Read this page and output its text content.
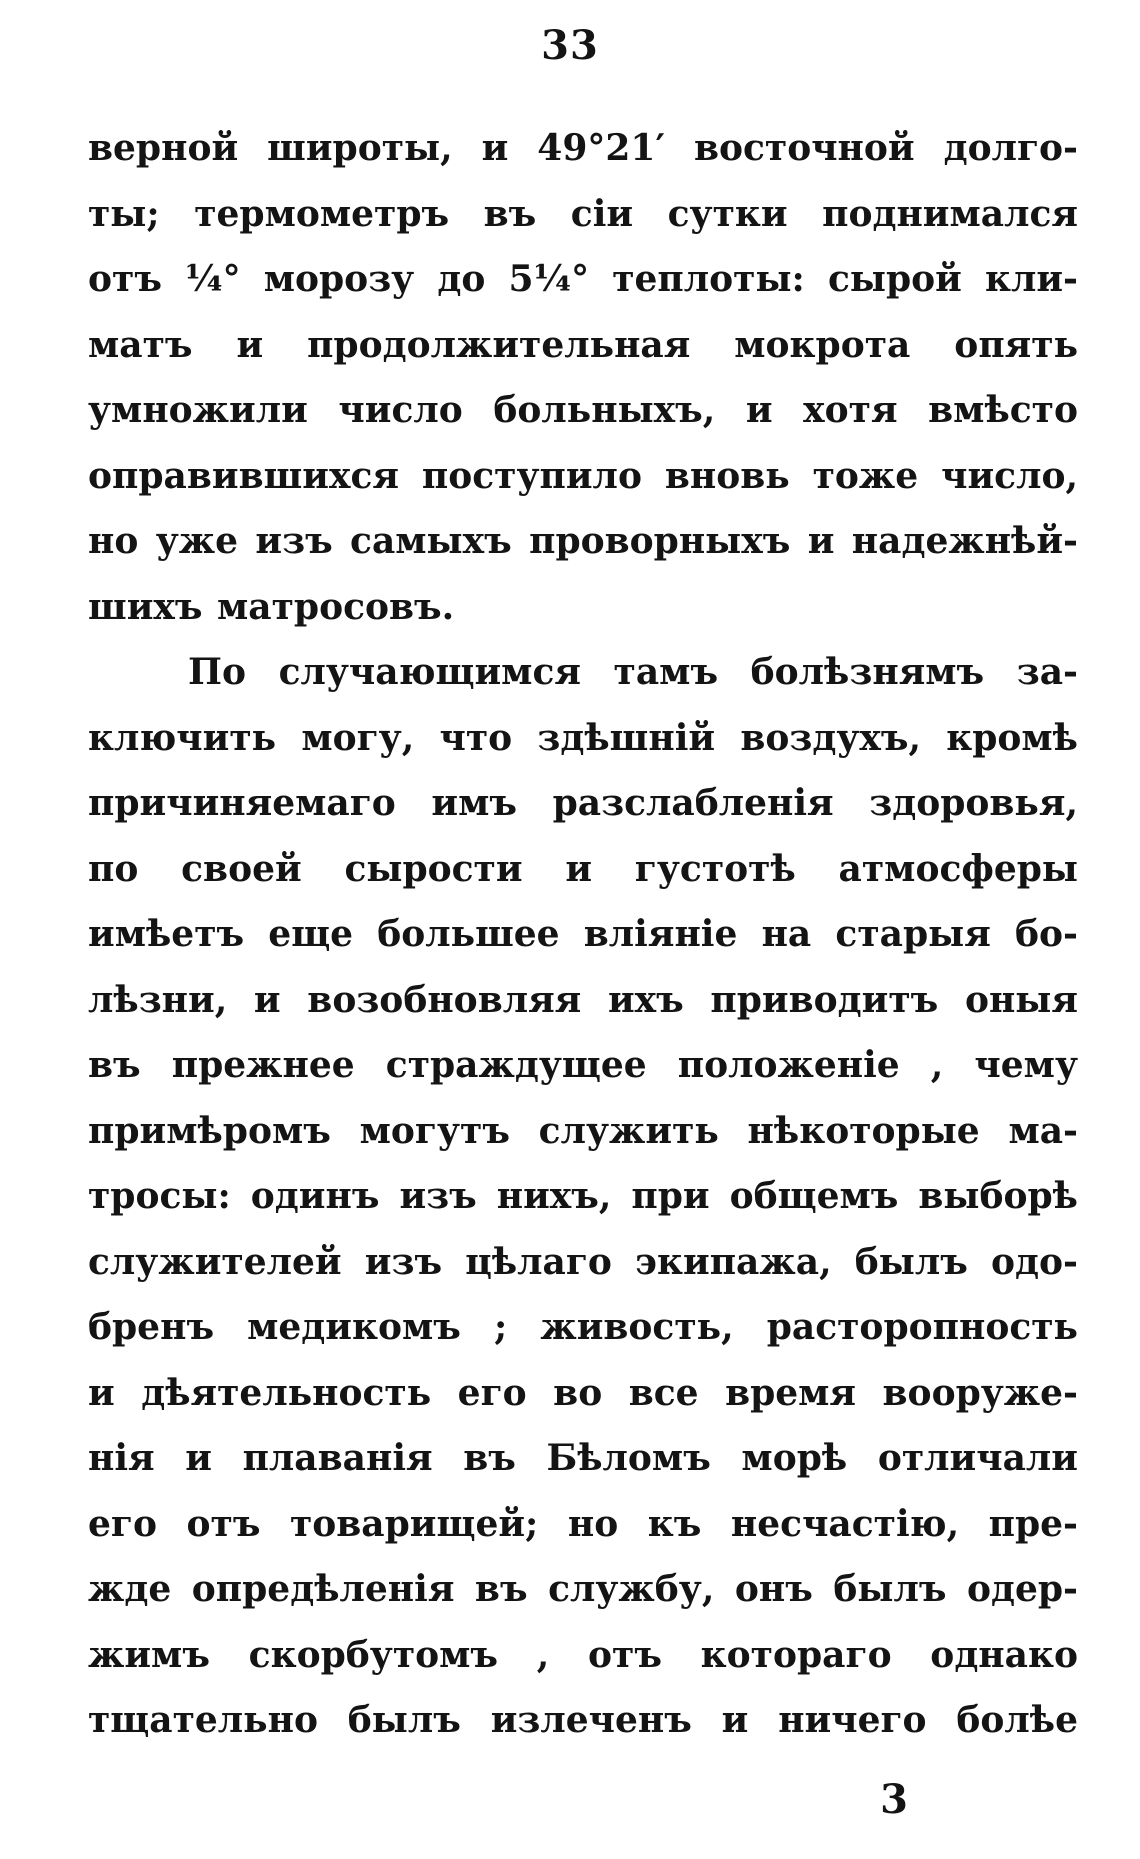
33
верной широты, и 49°21′ восточной долго-
ты; термометръ въ сіи сутки поднимался
отъ ¼° морозу до 5¼° теплоты: сырой кли-
матъ и продолжительная мокрота опять
умножили число больныхъ, и хотя вмѣсто
оправившихся поступило вновь тоже число,
но уже изъ самыхъ проворныхъ и надежнѣй-
шихъ матросовъ.
По случающимся тамъ болѣзнямъ за-
ключить могу, что здѣшній воздухъ, кромѣ
причиняемаго имъ разслабленія здоровья,
по своей сырости и густотѣ атмосферы
имѣетъ еще большее вліяніе на старыя бо-
лѣзни, и возобновляя ихъ приводитъ оныя
въ прежнее страждущее положеніе , чему
примѣромъ могутъ служить нѣкоторые ма-
тросы: одинъ изъ нихъ, при общемъ выборѣ
служителей изъ цѣлаго экипажа, былъ одо-
бренъ медикомъ ; живость, расторопность
и дѣятельность его во все время вооруже-
нія и плаванія въ Бѣломъ морѣ отличали
его отъ товарищей; но къ несчастію, пре-
жде опредѣленія въ службу, онъ былъ одер-
жимъ скорбутомъ , отъ котораго однако
тщательно былъ излеченъ и ничего болѣе
3
